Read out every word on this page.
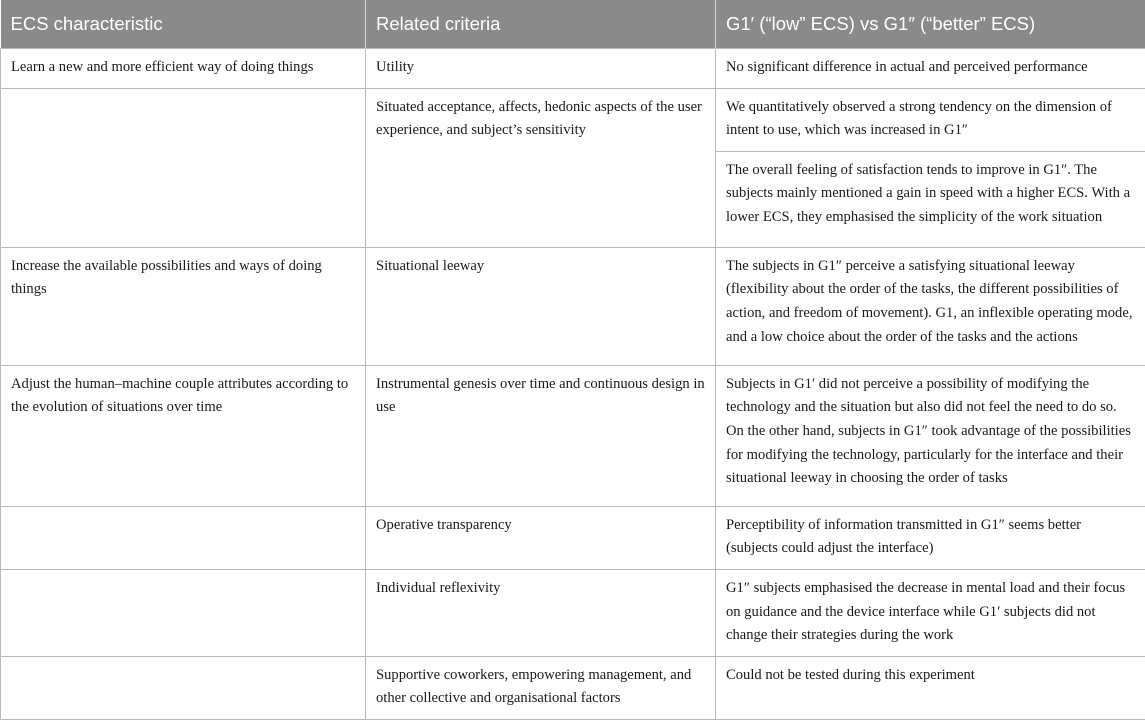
ECS characteristic	Related criteria	G1′ (“low” ECS) vs G1″ (“better” ECS)
Learn a new and more efficient way of doing things	Utility	No significant difference in actual and perceived performance
	Situated acceptance, affects, hedonic aspects of the user experience, and subject’s sensitivity	We quantitatively observed a strong tendency on the dimension of intent to use, which was increased in G1″
		The overall feeling of satisfaction tends to improve in G1″. The subjects mainly mentioned a gain in speed with a higher ECS. With a lower ECS, they emphasised the simplicity of the work situation
Increase the available possibilities and ways of doing things	Situational leeway	The subjects in G1″ perceive a satisfying situational leeway (flexibility about the order of the tasks, the different possibilities of action, and freedom of movement). G1, an inflexible operating mode, and a low choice about the order of the tasks and the actions
Adjust the human–machine couple attributes according to the evolution of situations over time	Instrumental genesis over time and continuous design in use	Subjects in G1′ did not perceive a possibility of modifying the technology and the situation but also did not feel the need to do so. On the other hand, subjects in G1″ took advantage of the possibilities for modifying the technology, particularly for the interface and their situational leeway in choosing the order of tasks
	Operative transparency	Perceptibility of information transmitted in G1″ seems better (subjects could adjust the interface)
	Individual reflexivity	G1″ subjects emphasised the decrease in mental load and their focus on guidance and the device interface while G1′ subjects did not change their strategies during the work
	Supportive coworkers, empowering management, and other collective and organisational factors	Could not be tested during this experiment
